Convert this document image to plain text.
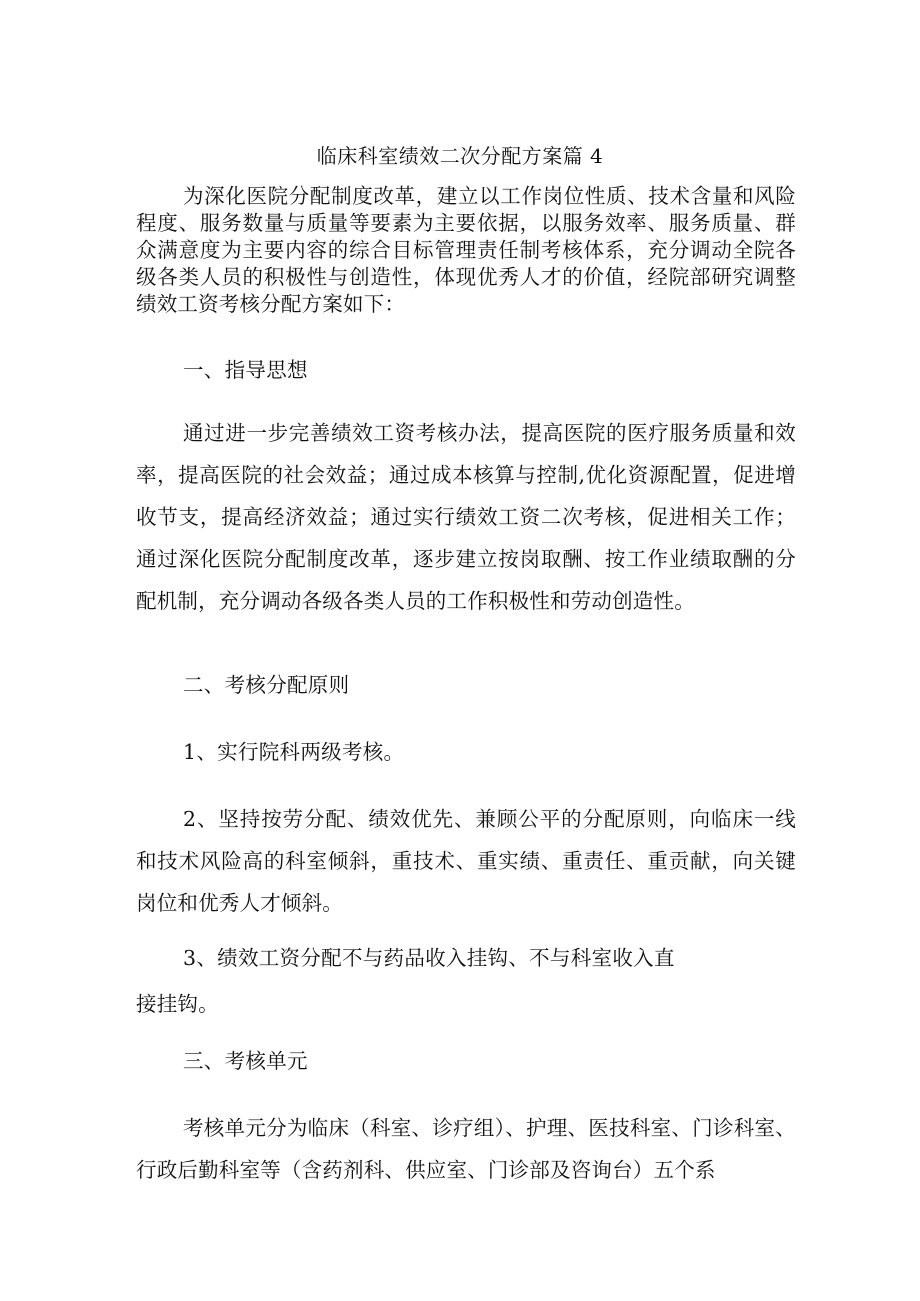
临床科室绩效二次分配方案篇 4
为深化医院分配制度改革，建立以工作岗位性质、技术含量和风险程度、服务数量与质量等要素为主要依据，以服务效率、服务质量、群众满意度为主要内容的综合目标管理责任制考核体系，充分调动全院各级各类人员的积极性与创造性，体现优秀人才的价值，经院部研究调整绩效工资考核分配方案如下：
一、指导思想
通过进一步完善绩效工资考核办法，提高医院的医疗服务质量和效率，提高医院的社会效益；通过成本核算与控制,优化资源配置，促进增收节支，提高经济效益；通过实行绩效工资二次考核，促进相关工作；通过深化医院分配制度改革，逐步建立按岗取酬、按工作业绩取酬的分配机制，充分调动各级各类人员的工作积极性和劳动创造性。
二、考核分配原则
1、实行院科两级考核。
2、坚持按劳分配、绩效优先、兼顾公平的分配原则，向临床一线和技术风险高的科室倾斜，重技术、重实绩、重责任、重贡献，向关键岗位和优秀人才倾斜。
3、绩效工资分配不与药品收入挂钩、不与科室收入直
接挂钩。
三、考核单元
考核单元分为临床（科室、诊疗组）、护理、医技科室、门诊科室、行政后勤科室等（含药剂科、供应室、门诊部及咨询台）五个系
